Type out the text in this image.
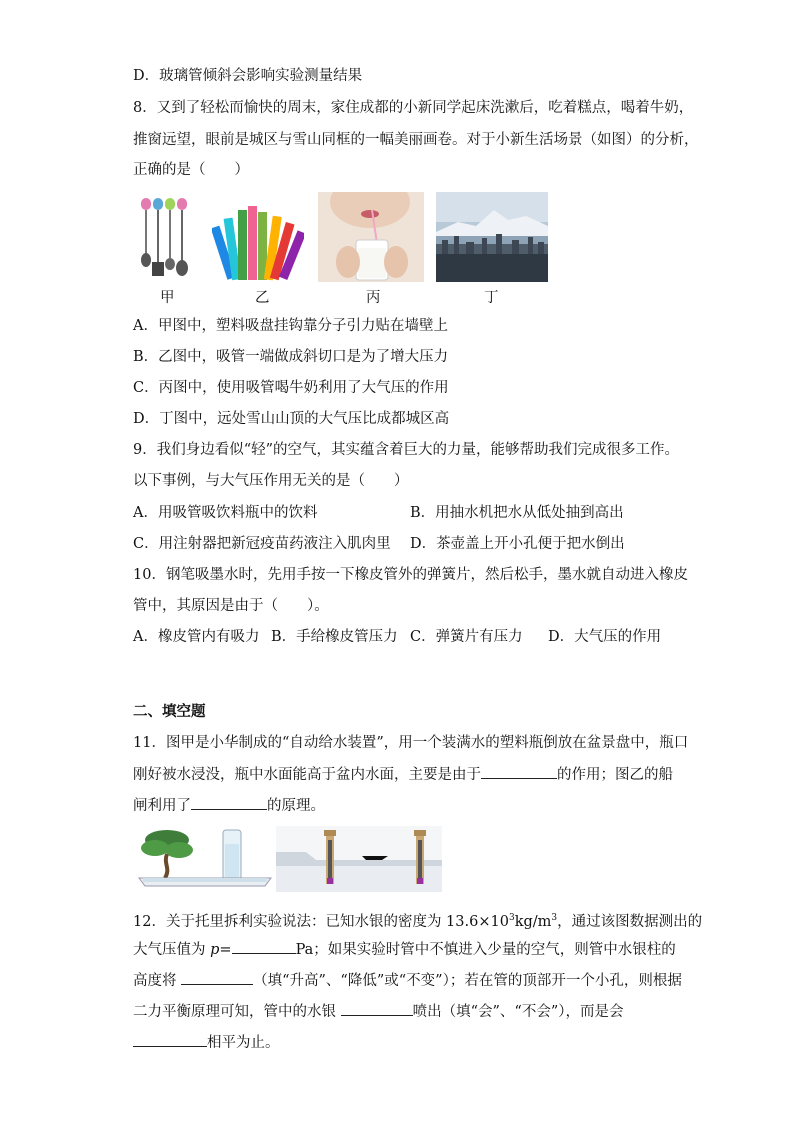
D．玻璃管倾斜会影响实验测量结果
8．又到了轻松而愉快的周末，家住成都的小新同学起床洗漱后，吃着糕点，喝着牛奶，
推窗远望，眼前是城区与雪山同框的一幅美丽画卷。对于小新生活场景（如图）的分析，
正确的是（　　）
甲	乙	丙	丁
A．甲图中，塑料吸盘挂钩靠分子引力贴在墙壁上
B．乙图中，吸管一端做成斜切口是为了增大压力
C．丙图中，使用吸管喝牛奶利用了大气压的作用
D．丁图中，远处雪山山顶的大气压比成都城区高
9．我们身边看似“轻”的空气，其实蕴含着巨大的力量，能够帮助我们完成很多工作。
以下事例，与大气压作用无关的是（　　）
A．用吸管吸饮料瓶中的饮料	B．用抽水机把水从低处抽到高出
C．用注射器把新冠疫苗药液注入肌肉里 D．茶壶盖上开小孔便于把水倒出
10．钢笔吸墨水时，先用手按一下橡皮管外的弹簧片，然后松手，墨水就自动进入橡皮
管中，其原因是由于（　　）。
A．橡皮管内有吸力 B．手给橡皮管压力 C．弹簧片有压力 D．大气压的作用
二、填空题
11．图甲是小华制成的“自动给水装置”，用一个装满水的塑料瓶倒放在盆景盘中，瓶口
刚好被水浸没，瓶中水面能高于盆内水面，主要是由于	的作用；图乙的船
闸利用了	的原理。
12．关于托里拆利实验说法：已知水银的密度为 $13.6\times 10^3kg/m^3$，通过该图数据测出的
大气压值为 p=	Pa；如果实验时管中不慎进入少量的空气，则管中水银柱的
高度将	（填“升高”、“降低”或“不变”）；若在管的顶部开一个小孔，则根据
二力平衡原理可知，管中的水银	喷出（填“会”、“不会”），而是会
相平为止。
